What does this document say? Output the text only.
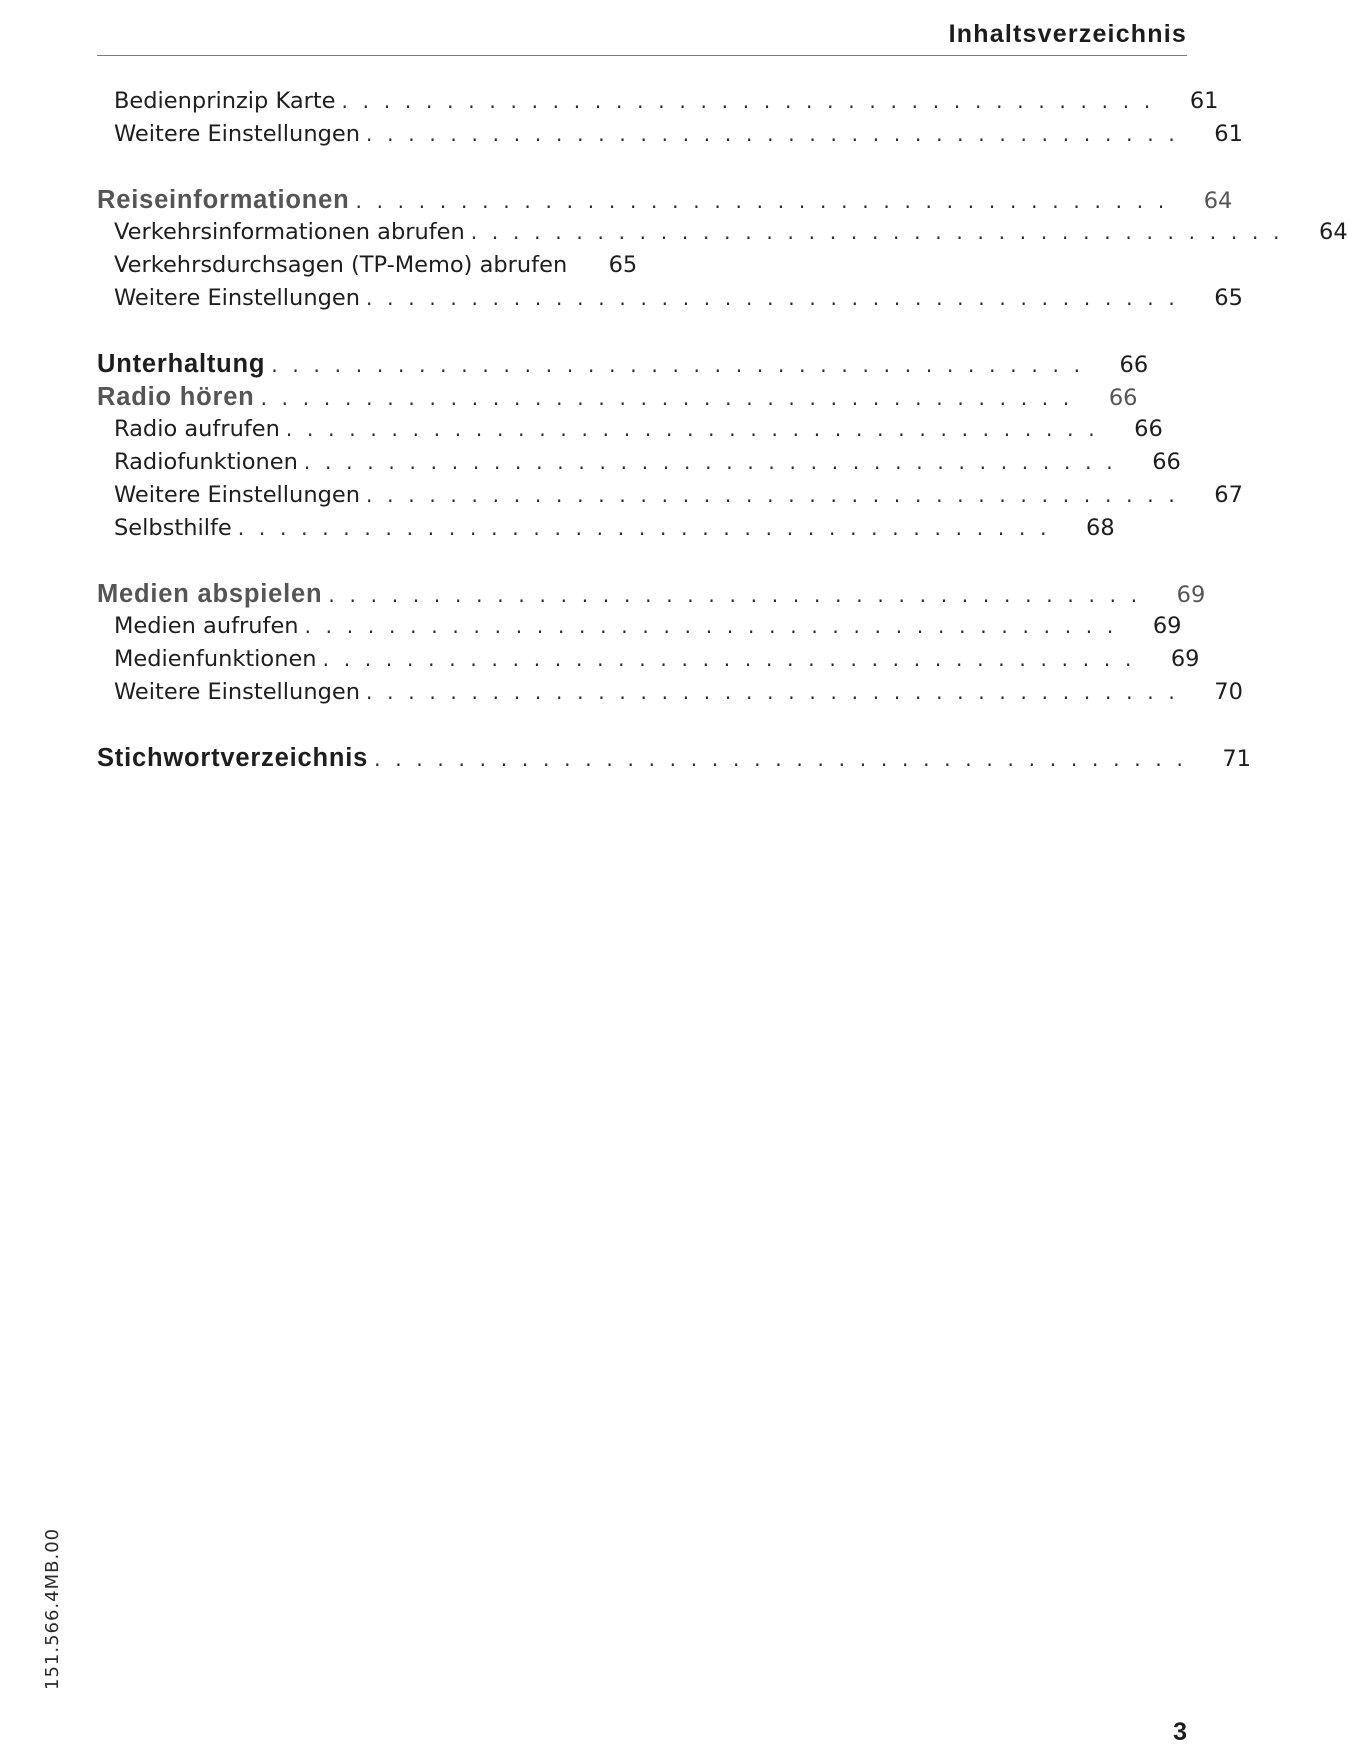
Inhaltsverzeichnis
Bedienprinzip Karte . . . . . . . . . . . . . . . . . . . . . . . . . . . . . . . . . . . . . . . 61
Weitere Einstellungen . . . . . . . . . . . . . . . . . . . . . . . . . . . . . . . . . . . . . . . 61
Reiseinformationen . . . . . . . . . . . . . . . . . . . . . . . . . . . . . . . . . . . . . . . 64
Verkehrsinformationen abrufen . . . . . . . . . . . . . . . . . . . . . . . . . . . . . . . . . . . . . . . 64
Verkehrsdurchsagen (TP-Memo) abrufen 65
Weitere Einstellungen . . . . . . . . . . . . . . . . . . . . . . . . . . . . . . . . . . . . . . . 65
Unterhaltung . . . . . . . . . . . . . . . . . . . . . . . . . . . . . . . . . . . . . . . 66
Radio hören . . . . . . . . . . . . . . . . . . . . . . . . . . . . . . . . . . . . . . . 66
Radio aufrufen . . . . . . . . . . . . . . . . . . . . . . . . . . . . . . . . . . . . . . . 66
Radiofunktionen . . . . . . . . . . . . . . . . . . . . . . . . . . . . . . . . . . . . . . . 66
Weitere Einstellungen . . . . . . . . . . . . . . . . . . . . . . . . . . . . . . . . . . . . . . . 67
Selbsthilfe . . . . . . . . . . . . . . . . . . . . . . . . . . . . . . . . . . . . . . . 68
Medien abspielen . . . . . . . . . . . . . . . . . . . . . . . . . . . . . . . . . . . . . . . 69
Medien aufrufen . . . . . . . . . . . . . . . . . . . . . . . . . . . . . . . . . . . . . . . 69
Medienfunktionen . . . . . . . . . . . . . . . . . . . . . . . . . . . . . . . . . . . . . . . 69
Weitere Einstellungen . . . . . . . . . . . . . . . . . . . . . . . . . . . . . . . . . . . . . . . 70
Stichwortverzeichnis . . . . . . . . . . . . . . . . . . . . . . . . . . . . . . . . . . . . . . . 71
151.566.4MB.00
3
